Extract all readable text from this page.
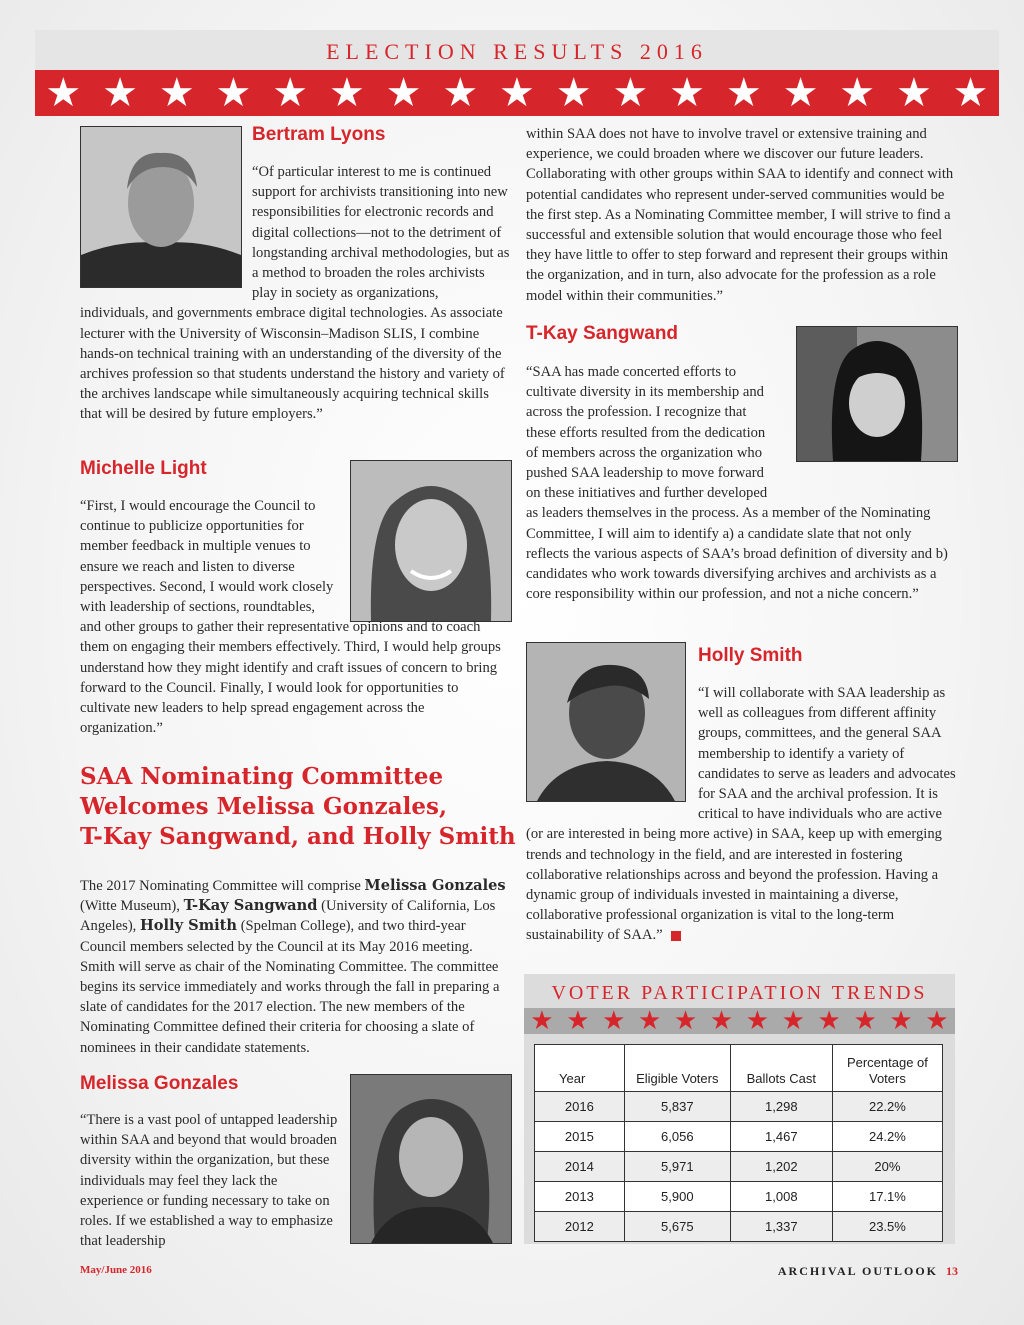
ELECTION RESULTS 2016
★ ★ ★ ★ ★ ★ ★ ★ ★ ★ ★ ★ ★ ★ ★ ★ ★
Bertram Lyons

“Of particular interest to me is continued support for archivists transitioning into new responsibilities for electronic records and digital collections—not to the detriment of longstanding archival methodologies, but as a method to broaden the roles archivists play in society as organizations, individuals, and governments embrace digital technologies. As associate lecturer with the University of Wisconsin–Madison SLIS, I combine hands-on technical training with an understanding of the diversity of the archives profession so that students understand the history and variety of the archives landscape while simultaneously acquiring technical skills that will be desired by future employers.”

Michelle Light

“First, I would encourage the Council to continue to publicize opportunities for member feedback in multiple venues to ensure we reach and listen to diverse perspectives. Second, I would work closely with leadership of sections, roundtables, and other groups to gather their representative opinions and to coach them on engaging their members effectively. Third, I would help groups understand how they might identify and craft issues of concern to bring forward to the Council. Finally, I would look for opportunities to cultivate new leaders to help spread engagement across the organization.”

SAA Nominating Committee
Welcomes Melissa Gonzales,
T-Kay Sangwand, and Holly Smith

The 2017 Nominating Committee will comprise Melissa Gonzales (Witte Museum), T-Kay Sangwand (University of California, Los Angeles), Holly Smith (Spelman College), and two third-year Council members selected by the Council at its May 2016 meeting. Smith will serve as chair of the Nominating Committee. The committee begins its service immediately and works through the fall in preparing a slate of candidates for the 2017 election. The new members of the Nominating Committee defined their criteria for choosing a slate of nominees in their candidate statements.

Melissa Gonzales

“There is a vast pool of untapped leadership within SAA and beyond that would broaden diversity within the organization, but these individuals may feel they lack the experience or funding necessary to take on roles. If we established a way to emphasize that leadership

within SAA does not have to involve travel or extensive training and experience, we could broaden where we discover our future leaders. Collaborating with other groups within SAA to identify and connect with potential candidates who represent under-served communities would be the first step. As a Nominating Committee member, I will strive to find a successful and extensible solution that would encourage those who feel they have little to offer to step forward and represent their groups within the organization, and in turn, also advocate for the profession as a role model within their communities.”

T-Kay Sangwand

“SAA has made concerted efforts to cultivate diversity in its membership and across the profession. I recognize that these efforts resulted from the dedication of members across the organization who pushed SAA leadership to move forward on these initiatives and further developed as leaders themselves in the process. As a member of the Nominating Committee, I will aim to identify a) a candidate slate that not only reflects the various aspects of SAA’s broad definition of diversity and b) candidates who work towards diversifying archives and archivists as a core responsibility within our profession, and not a niche concern.”

Holly Smith

“I will collaborate with SAA leadership as well as colleagues from different affinity groups, committees, and the general SAA membership to identify a variety of candidates to serve as leaders and advocates for SAA and the archival profession. It is critical to have individuals who are active (or are interested in being more active) in SAA, keep up with emerging trends and technology in the field, and are interested in fostering collaborative relationships across and beyond the profession. Having a dynamic group of individuals invested in maintaining a diverse, collaborative professional organization is vital to the long-term sustainability of SAA.”

VOTER PARTICIPATION TRENDS
★ ★ ★ ★ ★ ★ ★ ★ ★ ★ ★ ★
Year	Eligible Voters	Ballots Cast	Percentage of Voters
2016	5,837	1,298	22.2%
2015	6,056	1,467	24.2%
2014	5,971	1,202	20%
2013	5,900	1,008	17.1%
2012	5,675	1,337	23.5%
May/June 2016	ARCHIVAL OUTLOOK 13
